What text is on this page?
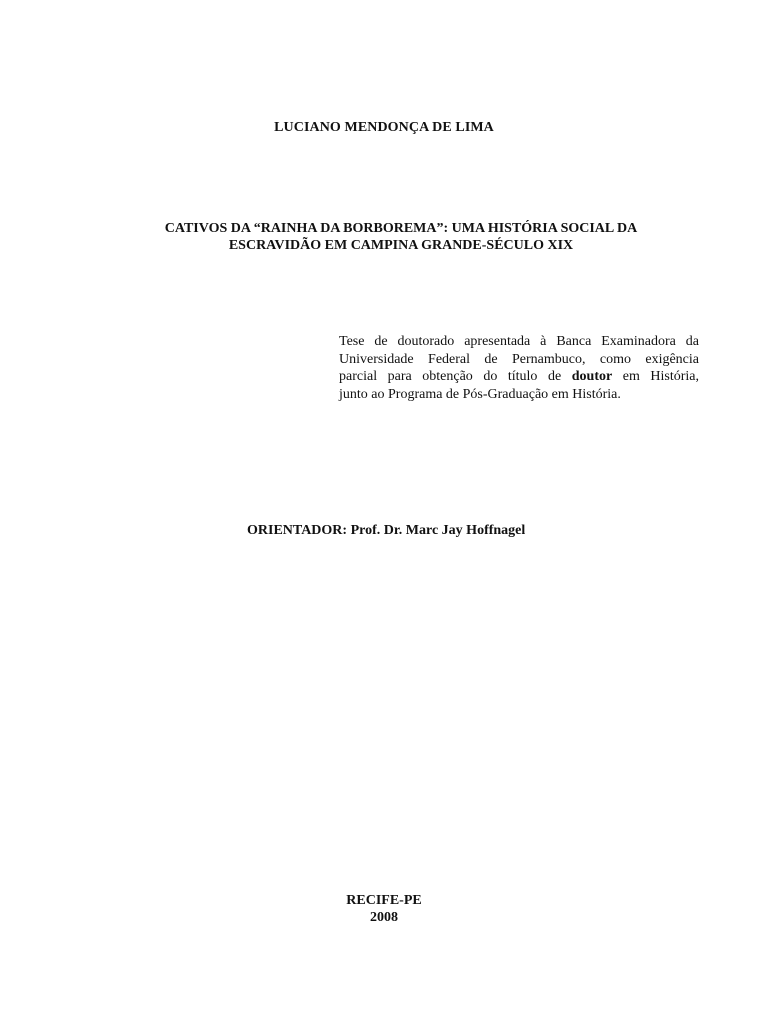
LUCIANO MENDONÇA DE LIMA
CATIVOS DA “RAINHA DA BORBOREMA”: UMA HISTÓRIA SOCIAL DA
ESCRAVIDÃO EM CAMPINA GRANDE-SÉCULO XIX
Tese de doutorado apresentada à Banca Examinadora da
Universidade Federal de Pernambuco, como exigência
parcial para obtenção do título de doutor em História,
junto ao Programa de Pós-Graduação em História.
ORIENTADOR: Prof. Dr. Marc Jay Hoffnagel
RECIFE-PE
2008
